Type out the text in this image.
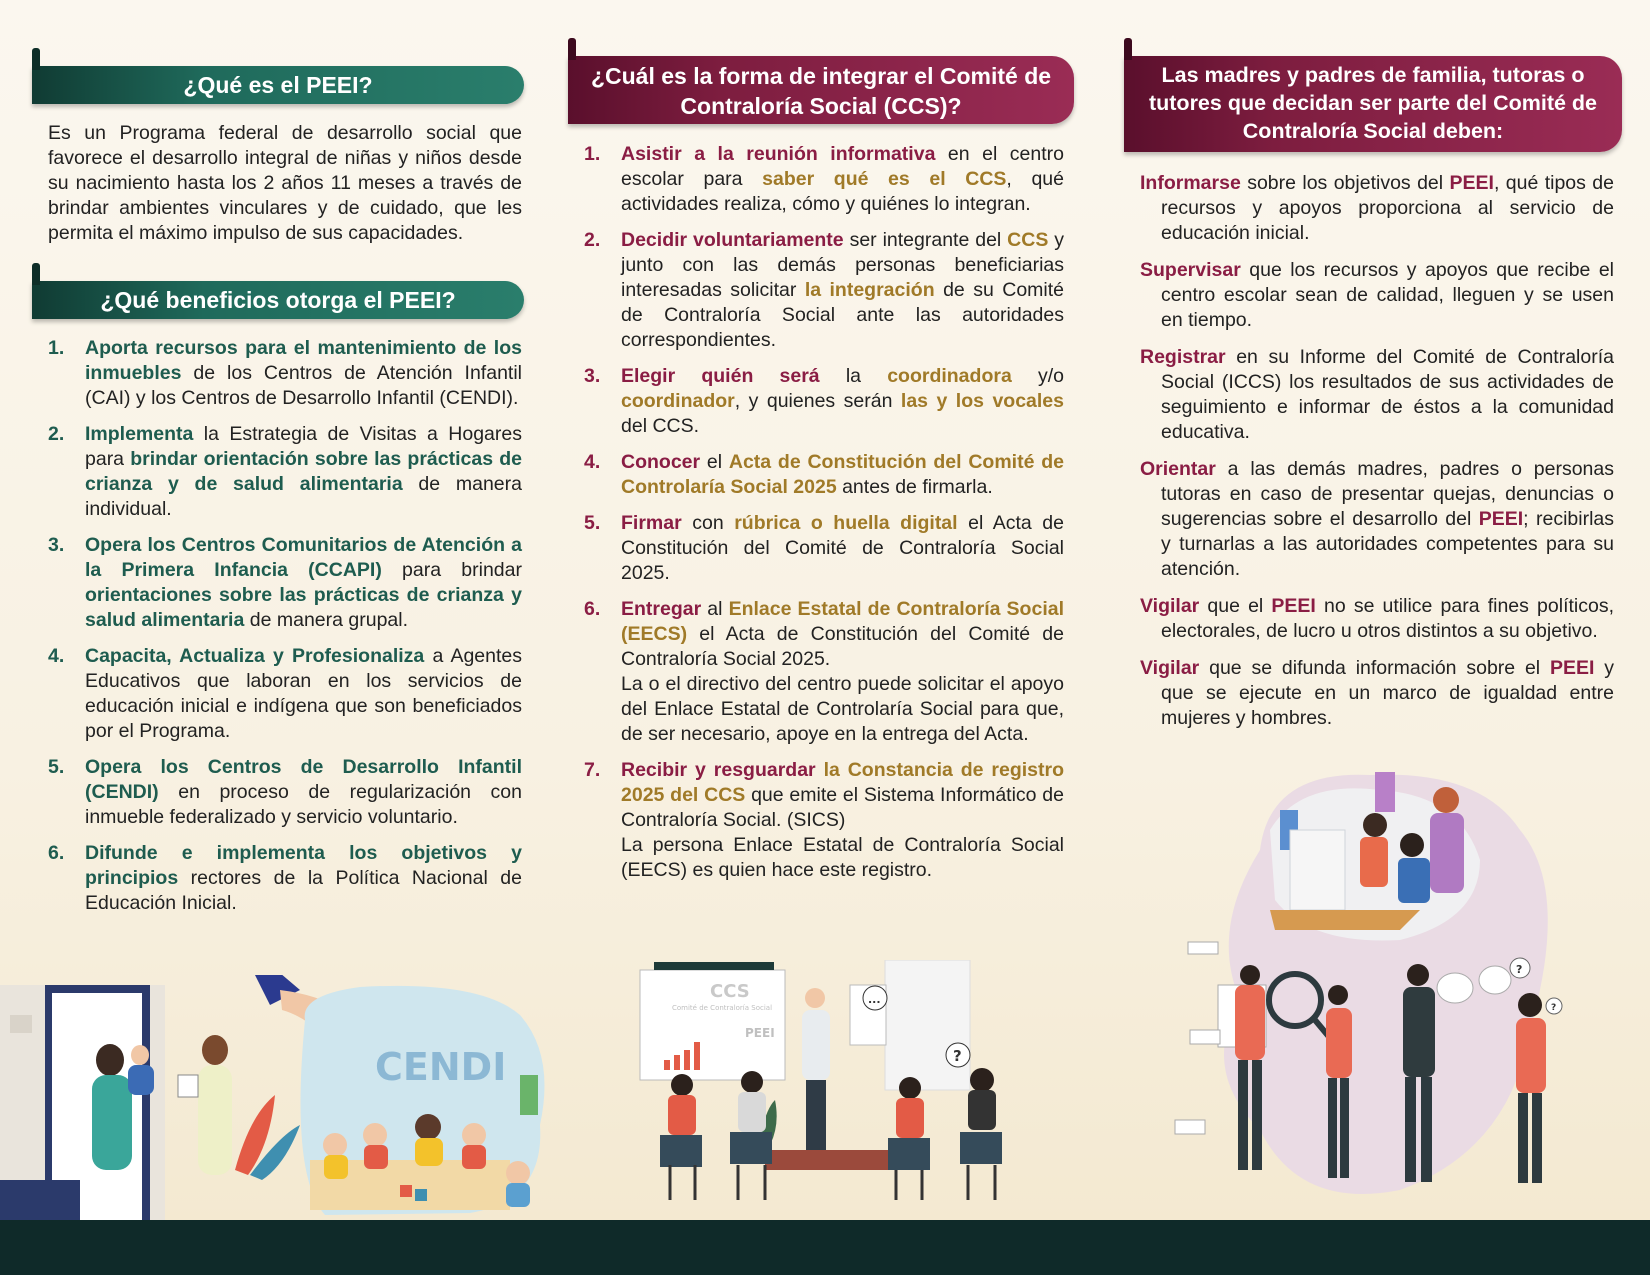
¿Qué es el PEEI?

Es un Programa federal de desarrollo social que favorece el desarrollo integral de niñas y niños desde su nacimiento hasta los 2 años 11 meses a través de brindar ambientes vinculares y de cuidado, que les permita el máximo impulso de sus capacidades.

¿Qué beneficios otorga el PEEI?
1. Aporta recursos para el mantenimiento de los inmuebles de los Centros de Atención Infantil (CAI) y los Centros de Desarrollo Infantil (CENDI).
2. Implementa la Estrategia de Visitas a Hogares para brindar orientación sobre las prácticas de crianza y de salud alimentaria de manera individual.
3. Opera los Centros Comunitarios de Atención a la Primera Infancia (CCAPI) para brindar orientaciones sobre las prácticas de crianza y salud alimentaria de manera grupal.
4. Capacita, Actualiza y Profesionaliza a Agentes Educativos que laboran en los servicios de educación inicial e indígena que son beneficiados por el Programa.
5. Opera los Centros de Desarrollo Infantil (CENDI) en proceso de regularización con inmueble federalizado y servicio voluntario.
6. Difunde e implementa los objetivos y principios rectores de la Política Nacional de Educación Inicial.
CENDI
¿Cuál es la forma de integrar el Comité de Contraloría Social (CCS)?
1. Asistir a la reunión informativa en el centro escolar para saber qué es el CCS, qué actividades realiza, cómo y quiénes lo integran.
2. Decidir voluntariamente ser integrante del CCS y junto con las demás personas beneficiarias interesadas solicitar la integración de su Comité de Contraloría Social ante las autoridades correspondientes.
3. Elegir quién será la coordinadora y/o coordinador, y quienes serán las y los vocales del CCS.
4. Conocer el Acta de Constitución del Comité de Controlaría Social 2025 antes de firmarla.
5. Firmar con rúbrica o huella digital el Acta de Constitución del Comité de Contraloría Social 2025.
6. Entregar al Enlace Estatal de Contraloría Social (EECS) el Acta de Constitución del Comité de Contraloría Social 2025.
La o el directivo del centro puede solicitar el apoyo del Enlace Estatal de Controlaría Social para que, de ser necesario, apoye en la entrega del Acta.
7. Recibir y resguardar la Constancia de registro 2025 del CCS que emite el Sistema Informático de Contraloría Social. (SICS)
La persona Enlace Estatal de Contraloría Social (EECS) es quien hace este registro.
CCS
Comité de Contraloría Social
PEEI
...
?
Las madres y padres de familia, tutoras o tutores que decidan ser parte del Comité de Contraloría Social deben:

Informarse sobre los objetivos del PEEI, qué tipos de recursos y apoyos proporciona al servicio de educación inicial.

Supervisar que los recursos y apoyos que recibe el centro escolar sean de calidad, lleguen y se usen en tiempo.

Registrar en su Informe del Comité de Contraloría Social (ICCS) los resultados de sus actividades de seguimiento e informar de éstos a la comunidad educativa.

Orientar a las demás madres, padres o personas tutoras en caso de presentar quejas, denuncias o sugerencias sobre el desarrollo del PEEI; recibirlas y turnarlas a las autoridades competentes para su atención.

Vigilar que el PEEI no se utilice para fines políticos, electorales, de lucro u otros distintos a su objetivo.

Vigilar que se difunda información sobre el PEEI y que se ejecute en un marco de igualdad entre mujeres y hombres.

?
?
